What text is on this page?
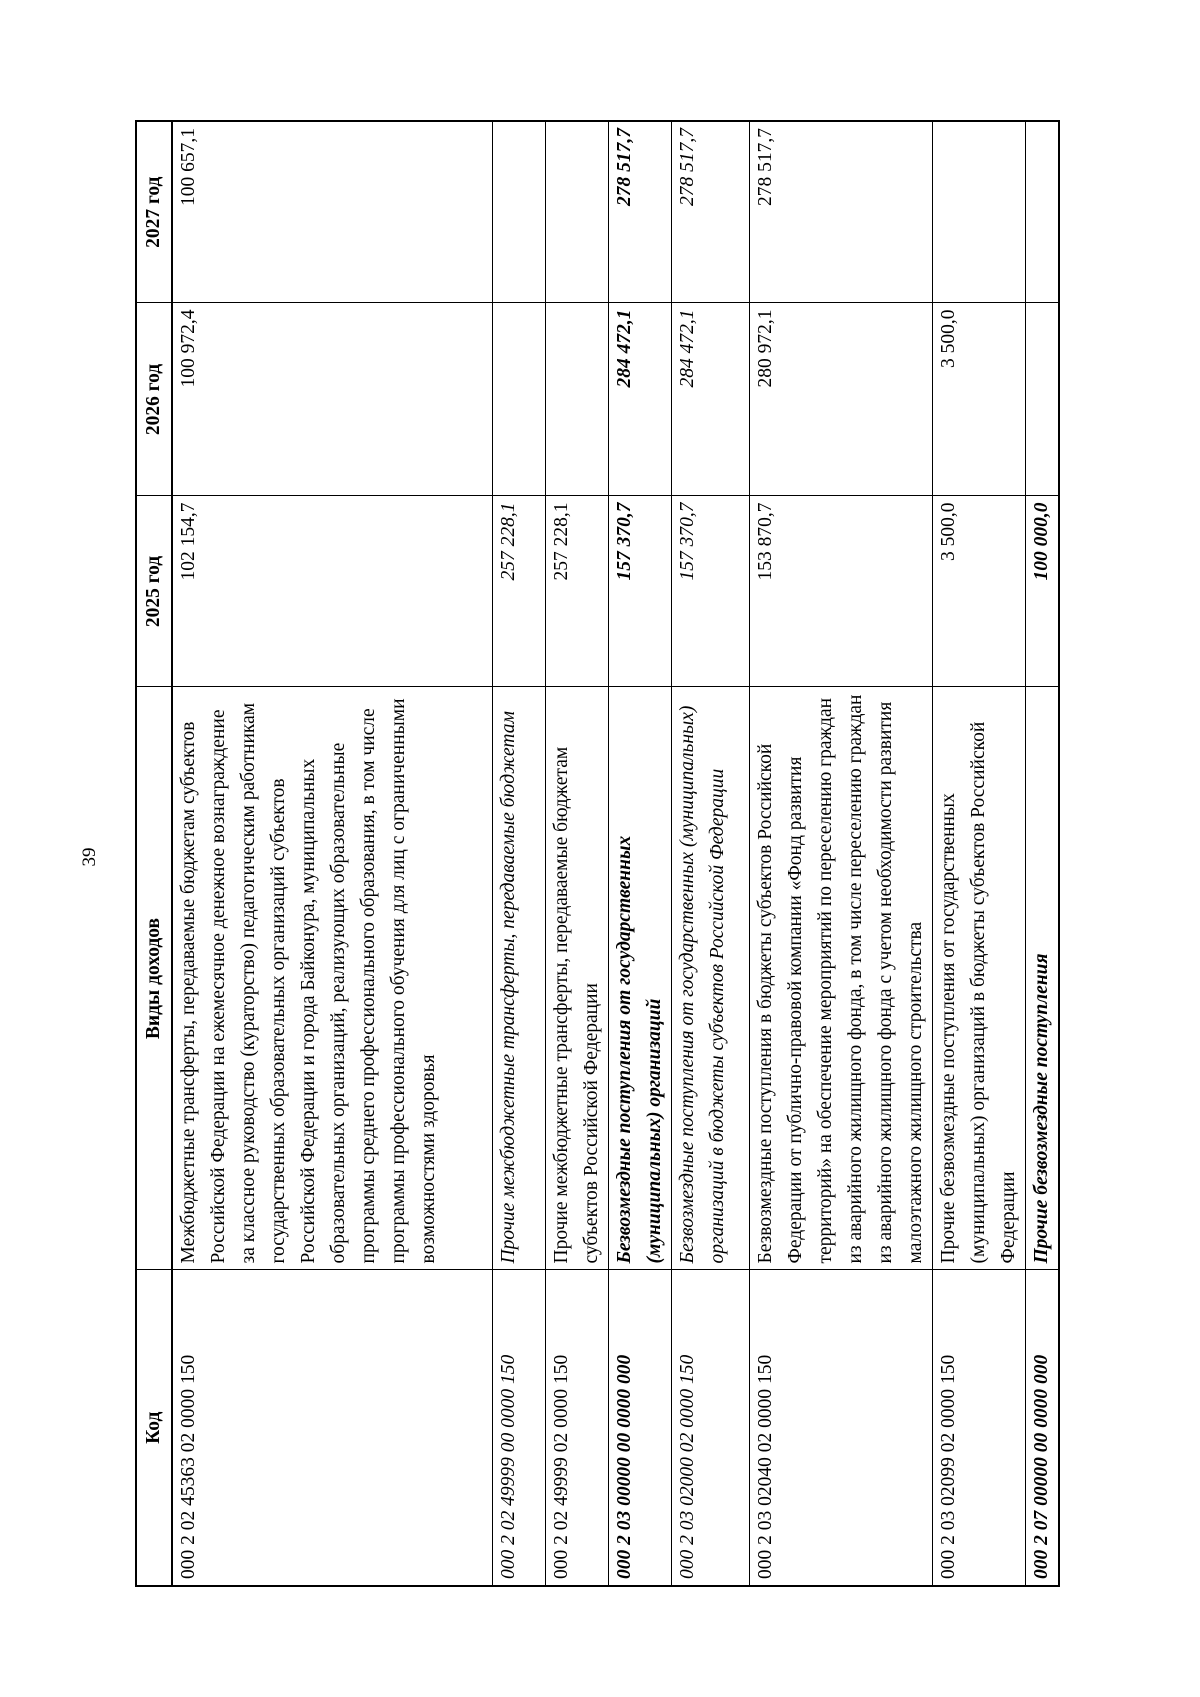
39
Код	Виды доходов	2025 год	2026 год	2027 год
000 2 02 45363 02 0000 150	Межбюджетные трансферты, передаваемые бюджетам субъектов Российской Федерации на ежемесячное денежное вознаграждение за классное руководство (кураторство) педагогическим работникам государственных образовательных организаций субъектов Российской Федерации и города Байконура, муниципальных образовательных организаций, реализующих образовательные программы среднего профессионального образования, в том числе программы профессионального обучения для лиц с ограниченными возможностями здоровья	102 154,7	100 972,4	100 657,1
000 2 02 49999 00 0000 150	Прочие межбюджетные трансферты, передаваемые бюджетам	257 228,1		
000 2 02 49999 02 0000 150	Прочие межбюджетные трансферты, передаваемые бюджетам субъектов Российской Федерации	257 228,1		
000 2 03 00000 00 0000 000	Безвозмездные поступления от государственных (муниципальных) организаций	157 370,7	284 472,1	278 517,7
000 2 03 02000 02 0000 150	Безвозмездные поступления от государственных (муниципальных) организаций в бюджеты субъектов Российской Федерации	157 370,7	284 472,1	278 517,7
000 2 03 02040 02 0000 150	Безвозмездные поступления в бюджеты субъектов Российской Федерации от публично-правовой компании «Фонд развития территорий» на обеспечение мероприятий по переселению граждан из аварийного жилищного фонда, в том числе переселению граждан из аварийного жилищного фонда с учетом необходимости развития малоэтажного жилищного строительства	153 870,7	280 972,1	278 517,7
000 2 03 02099 02 0000 150	Прочие безвозмездные поступления от государственных (муниципальных) организаций в бюджеты субъектов Российской Федерации	3 500,0	3 500,0	
000 2 07 00000 00 0000 000	Прочие безвозмездные поступления	100 000,0		
